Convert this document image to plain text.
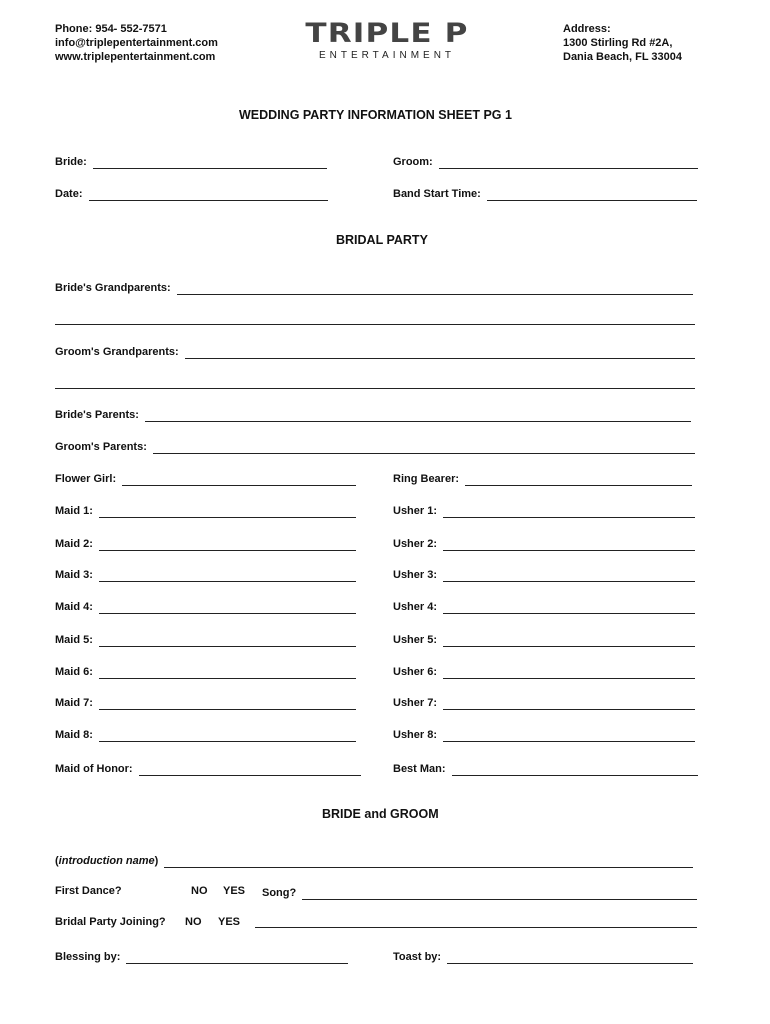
Phone: 954- 552-7571
info@triplepentertainment.com
www.triplepentertainment.com
TRIPLE P
ENTERTAINMENT
Address:
1300 Stirling Rd #2A,
Dania Beach, FL 33004
WEDDING PARTY INFORMATION SHEET PG 1
Bride:	Groom:
Date:	Band Start Time:
BRIDAL PARTY
Bride's Grandparents:
Groom's Grandparents:
Bride's Parents:
Groom's Parents:
Flower Girl:	Ring Bearer:
Maid 1:	Usher 1:
Maid 2:	Usher 2:
Maid 3:	Usher 3:
Maid 4:	Usher 4:
Maid 5:	Usher 5:
Maid 6:	Usher 6:
Maid 7:	Usher 7:
Maid 8:	Usher 8:
Maid of Honor:	Best Man:
BRIDE and GROOM
(introduction name)
First Dance?	NO YES Song?
Bridal Party Joining? NO YES
Blessing by:	Toast by:
